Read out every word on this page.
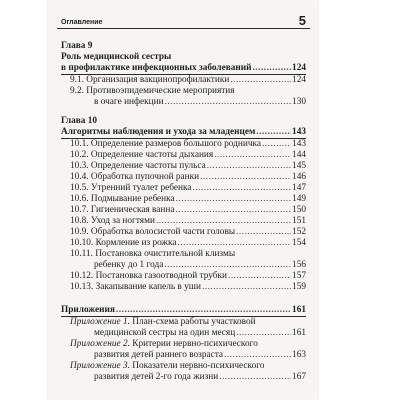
Оглавление	5
Глава 9
Роль медицинской сестры
в профилактике инфекционных заболеваний .....	124
9.1. Организация вакцинопрофилактики .....	124
9.2. Противоэпидемические мероприятия
в очаге инфекции .....	130
Глава 10
Алгоритмы наблюдения и ухода за младенцем .....	143
10.1. Определение размеров большого родничка .....	143
10.2. Определение частоты дыхания .....	144
10.3. Определение частоты пульса .....	145
10.4. Обработка пупочной ранки .....	146
10.5. Утренний туалет ребенка .....	147
10.6. Подмывание ребенка .....	149
10.7. Гигиеническая ванна .....	150
10.8. Уход за ногтями .....	151
10.9. Обработка волосистой части головы .....	152
10.10. Кормление из рожка .....	154
10.11. Постановка очистительной клизмы
ребенку до 1 года .....	156
10.12. Постановка газоотводной трубки .....	157
10.13. Закапывание капель в уши .....	159
Приложения .....	161
Приложение 1. План-схема работы участковой
медицинской сестры на один месяц .....	161
Приложение 2. Критерии нервно-психического
развития детей раннего возраста .....	163
Приложение 3. Показатели нервно-психического
развития детей 2-го года жизни .....	167
